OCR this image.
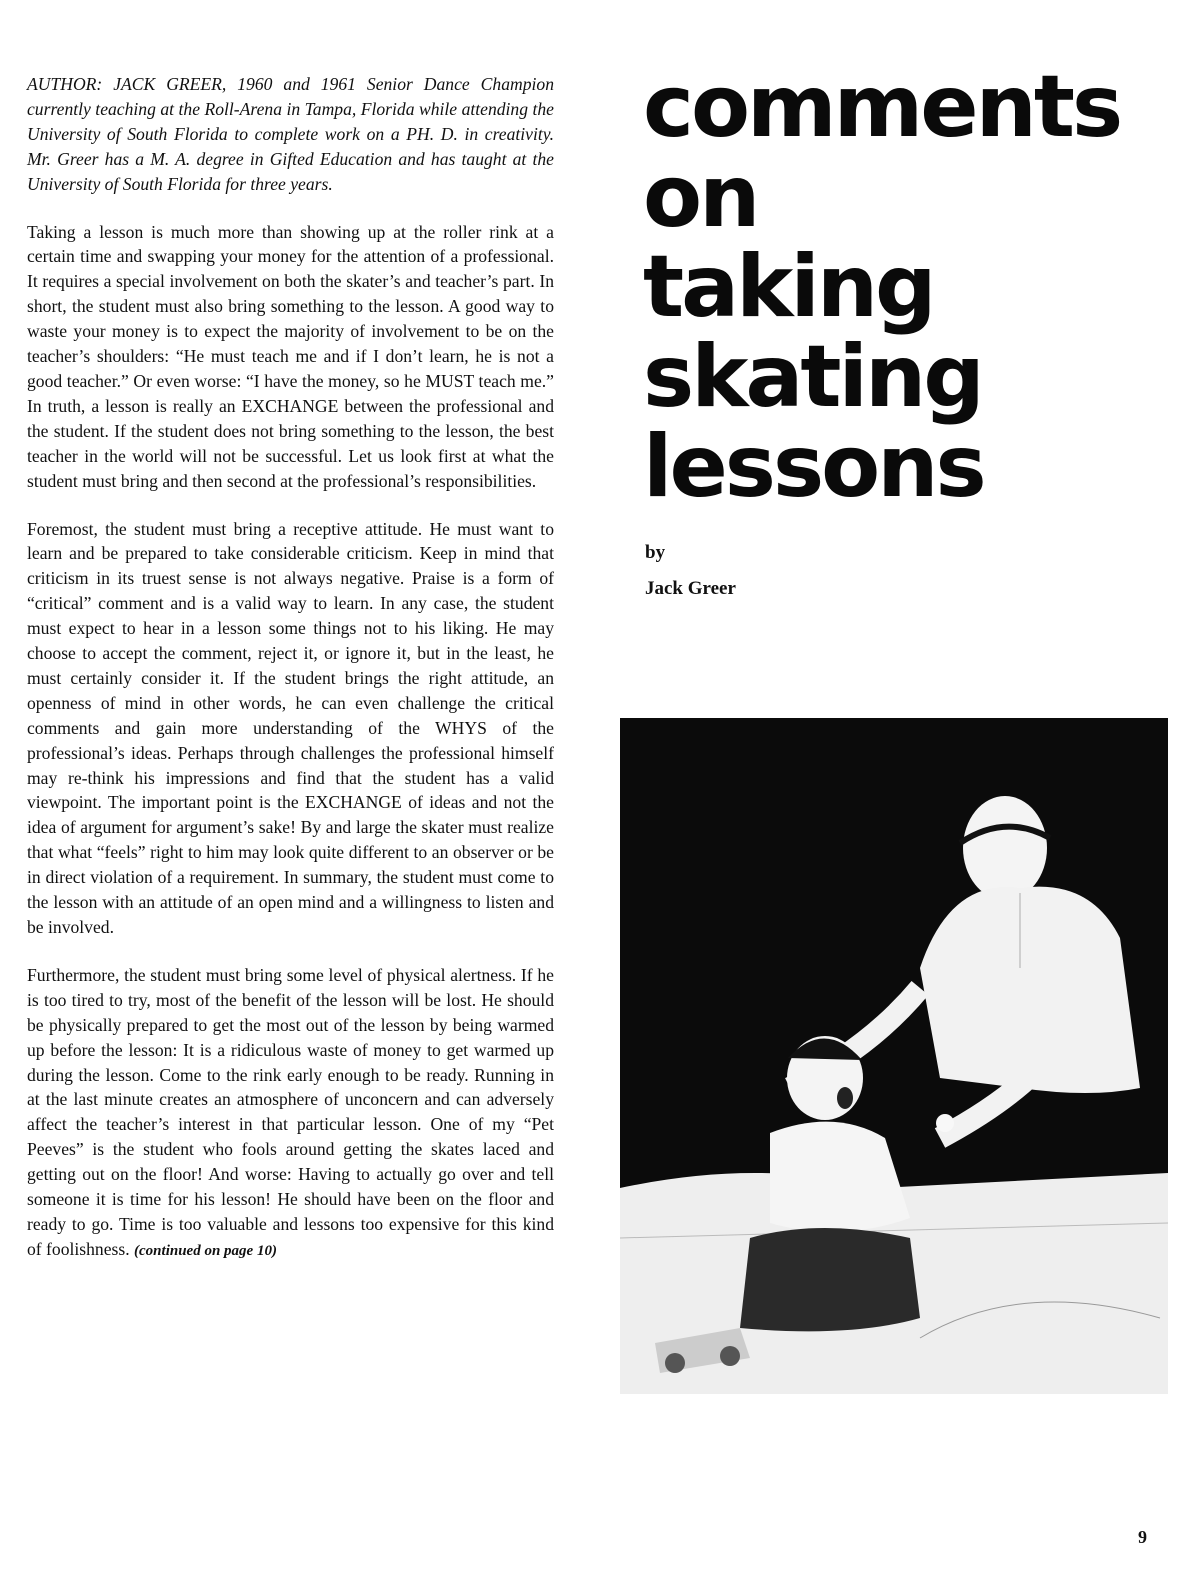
AUTHOR: JACK GREER, 1960 and 1961 Senior Dance Champion currently teaching at the Roll-Arena in Tampa, Florida while attending the University of South Florida to complete work on a PH. D. in creativity. Mr. Greer has a M. A. degree in Gifted Education and has taught at the University of South Florida for three years.

Taking a lesson is much more than showing up at the roller rink at a certain time and swapping your money for the attention of a professional. It requires a special involvement on both the skater’s and teacher’s part. In short, the student must also bring something to the lesson. A good way to waste your money is to expect the majority of involvement to be on the teacher’s shoulders: “He must teach me and if I don’t learn, he is not a good teacher.” Or even worse: “I have the money, so he MUST teach me.” In truth, a lesson is really an EXCHANGE between the professional and the student. If the student does not bring something to the lesson, the best teacher in the world will not be successful. Let us look first at what the student must bring and then second at the professional’s responsibilities.

Foremost, the student must bring a receptive attitude. He must want to learn and be prepared to take considerable criticism. Keep in mind that criticism in its truest sense is not always negative. Praise is a form of “critical” comment and is a valid way to learn. In any case, the student must expect to hear in a lesson some things not to his liking. He may choose to accept the comment, reject it, or ignore it, but in the least, he must certainly consider it. If the student brings the right attitude, an openness of mind in other words, he can even challenge the critical comments and gain more understanding of the WHYS of the professional’s ideas. Perhaps through challenges the professional himself may re-think his impressions and find that the student has a valid viewpoint. The important point is the EXCHANGE of ideas and not the idea of argument for argument’s sake! By and large the skater must realize that what “feels” right to him may look quite different to an observer or be in direct violation of a requirement. In summary, the student must come to the lesson with an attitude of an open mind and a willingness to listen and be involved.

Furthermore, the student must bring some level of physical alertness. If he is too tired to try, most of the benefit of the lesson will be lost. He should be physically prepared to get the most out of the lesson by being warmed up before the lesson: It is a ridiculous waste of money to get warmed up during the lesson. Come to the rink early enough to be ready. Running in at the last minute creates an atmosphere of unconcern and can adversely affect the teacher’s interest in that particular lesson. One of my “Pet Peeves” is the student who fools around getting the skates laced and getting out on the floor! And worse: Having to actually go over and tell someone it is time for his lesson! He should have been on the floor and ready to go. Time is too valuable and lessons too expensive for this kind of foolishness. (continued on page 10)

comments
on
taking
skating
lessons
by
Jack Greer
9
